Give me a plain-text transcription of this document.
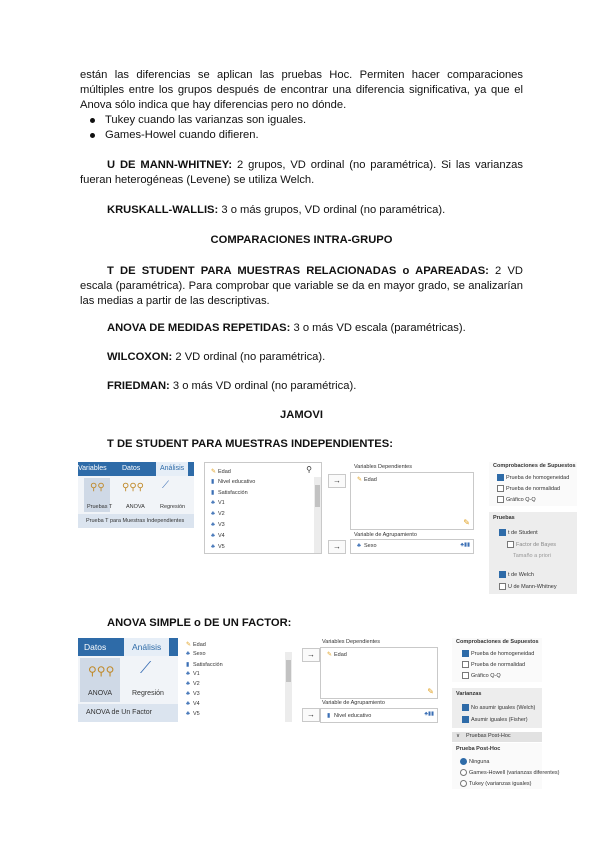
están las diferencias se aplican las pruebas Hoc. Permiten hacer comparaciones múltiples entre los grupos después de encontrar una diferencia significativa, ya que el Anova sólo indica que hay diferencias pero no dónde.
Tukey cuando las varianzas son iguales.
Games-Howel cuando difieren.
U DE MANN-WHITNEY: 2 grupos, VD ordinal (no paramétrica). Si las varianzas fueran heterogéneas (Levene) se utiliza Welch.
KRUSKALL-WALLIS: 3 o más grupos, VD ordinal (no paramétrica).
COMPARACIONES INTRA-GRUPO
T DE STUDENT PARA MUESTRAS RELACIONADAS o APAREADAS: 2 VD escala (paramétrica). Para comprobar que variable se da en mayor grado, se analizarían las medias a partir de las descriptivas.
ANOVA DE MEDIDAS REPETIDAS: 3 o más VD escala (paramétricas).
WILCOXON: 2 VD ordinal (no paramétrica).
FRIEDMAN: 3 o más VD ordinal (no paramétrica).
JAMOVI
T DE STUDENT PARA MUESTRAS INDEPENDIENTES:
Variables Datos	Análisis
⚲⚲
Pruebas T
⚲⚲⚲
ANOVA
⟋
Regresión
Prueba T para Muestras Independientes
⚲
✎ Edad
▮ Nivel educativo
▮ Satisfacción
♣ V1
♣ V2
♣ V3
♣ V4
♣ V5
→
→
Variables Dependientes
✎ Edad
✎
Variable de Agrupamiento
♣ Sexo	♣▮▮
Comprobaciones de Supuestos
Prueba de homogeneidad
Prueba de normalidad
Gráfico Q-Q
Pruebas
t de Student
Factor de Bayes
Tamaño a priori
t de Welch
U de Mann-Whitney
ANOVA SIMPLE o DE UN FACTOR:
Datos	Análisis
⚲⚲⚲
ANOVA
⟋
Regresión
ANOVA de Un Factor
✎ Edad
♣ Sexo
▮ Satisfacción
♣ V1
♣ V2
♣ V3
♣ V4
♣ V5
→
→
Variables Dependientes
✎ Edad
✎
Variable de Agrupamiento
▮ Nivel educativo	♣▮▮
Comprobaciones de Supuestos
Prueba de homogeneidad
Prueba de normalidad
Gráfico Q-Q
Varianzas
No asumir iguales (Welch)
Asumir iguales (Fisher)
∨ Pruebas Post-Hoc
Prueba Post-Hoc
Ninguna
Games-Howell (varianzas diferentes)
Tukey (varianzas iguales)
